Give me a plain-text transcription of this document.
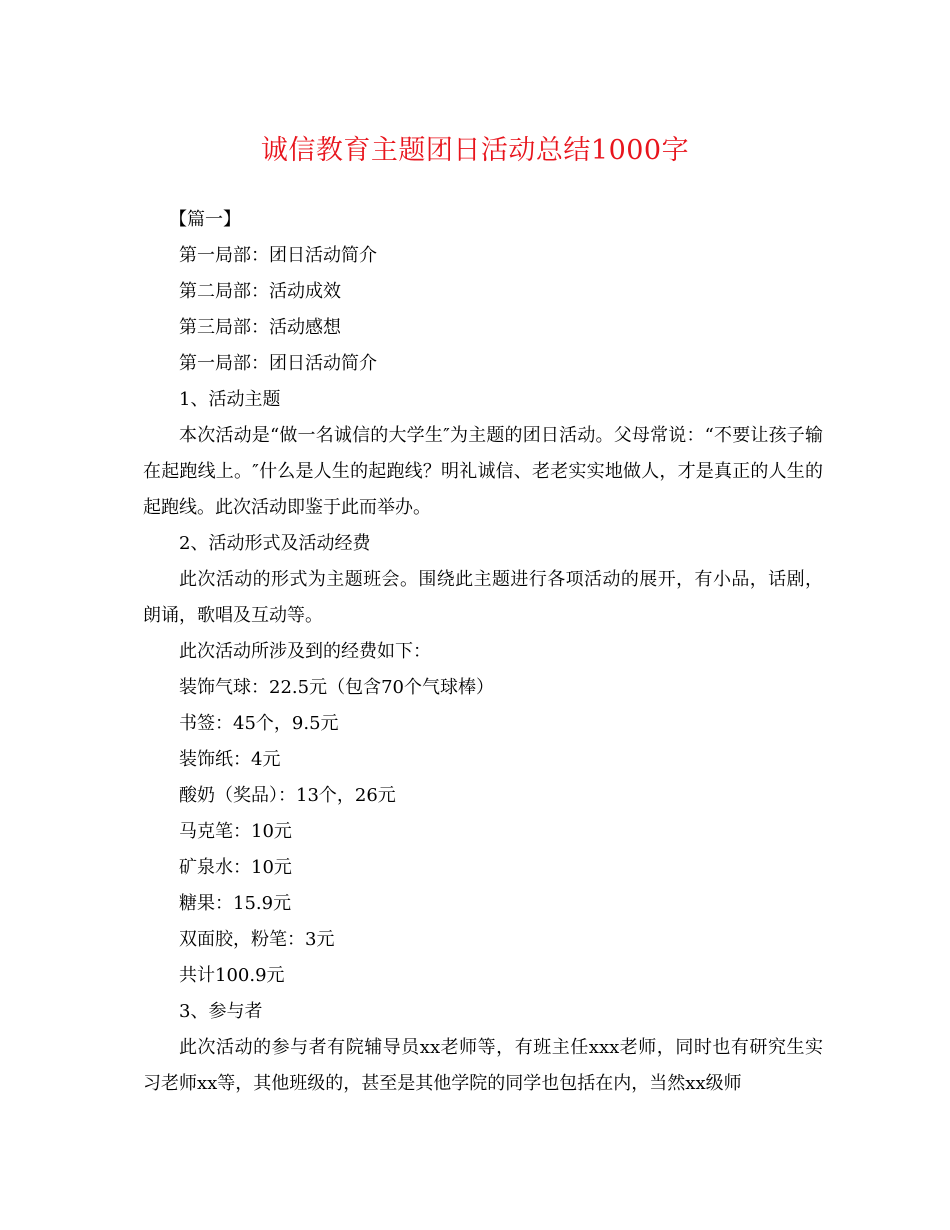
诚信教育主题团日活动总结1000字

【篇一】

第一局部：团日活动简介

第二局部：活动成效

第三局部：活动感想

第一局部：团日活动简介

1、活动主题

本次活动是“做一名诚信的大学生″为主题的团日活动。父母常说：“不要让孩子输在起跑线上。″什么是人生的起跑线？明礼诚信、老老实实地做人，才是真正的人生的起跑线。此次活动即鉴于此而举办。

2、活动形式及活动经费

此次活动的形式为主题班会。围绕此主题进行各项活动的展开，有小品，话剧，朗诵，歌唱及互动等。

此次活动所涉及到的经费如下：

装饰气球：22.5元（包含70个气球棒）

书签：45个，9.5元

装饰纸：4元

酸奶（奖品）：13个，26元

马克笔：10元

矿泉水：10元

糖果：15.9元

双面胶，粉笔：3元

共计100.9元

3、参与者

此次活动的参与者有院辅导员xx老师等，有班主任xxx老师，同时也有研究生实习老师xx等，其他班级的，甚至是其他学院的同学也包括在内，当然xx级师
